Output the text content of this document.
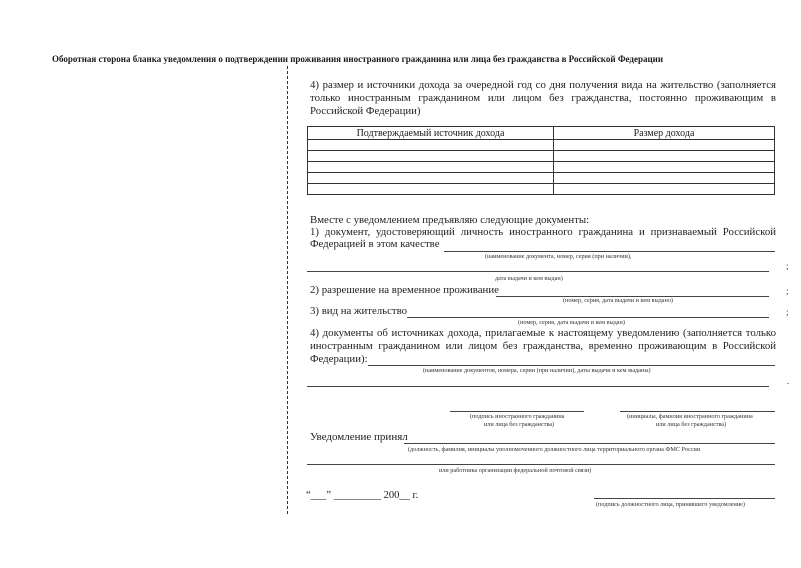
Оборотная сторона бланка уведомления о подтверждении проживания иностранного гражданина или лица без гражданства в Российской Федерации
4) размер и источники дохода за очередной год со дня получения вида на жительство (заполняется
только иностранным гражданином или лицом без гражданства, постоянно проживающим в
Российской Федерации)
Подтверждаемый источник дохода	Размер дохода

Вместе с уведомлением предъявляю следующие документы:
1) документ, удостоверяющий личность иностранного гражданина и признаваемый Российской
Федерацией в этом качестве
(наименование документа, номер, серия (при наличии),
;
дата выдачи и кем выдан)
2) разрешение на временное проживание	;
(номер, серия, дата выдачи и кем выдано)
3) вид на жительство	;
(номер, серия, дата выдачи и кем выдан)
4) документы об источниках дохода, прилагаемые к настоящему уведомлению (заполняется только
иностранным гражданином или лицом без гражданства, временно проживающим в Российской
Федерации):
(наименование документов, номера, серии (при наличии), даты выдачи и кем выданы)
.
(подпись иностранного гражданина
или лица без гражданства)
(инициалы, фамилия иностранного гражданина
или лица без гражданства)
Уведомление принял
(должность, фамилия, инициалы уполномоченного должностного лица территориального органа ФМС России
или работника организации федеральной почтовой связи)
“___” _________ 200__ г.
(подпись должностного лица, принявшего уведомление)
